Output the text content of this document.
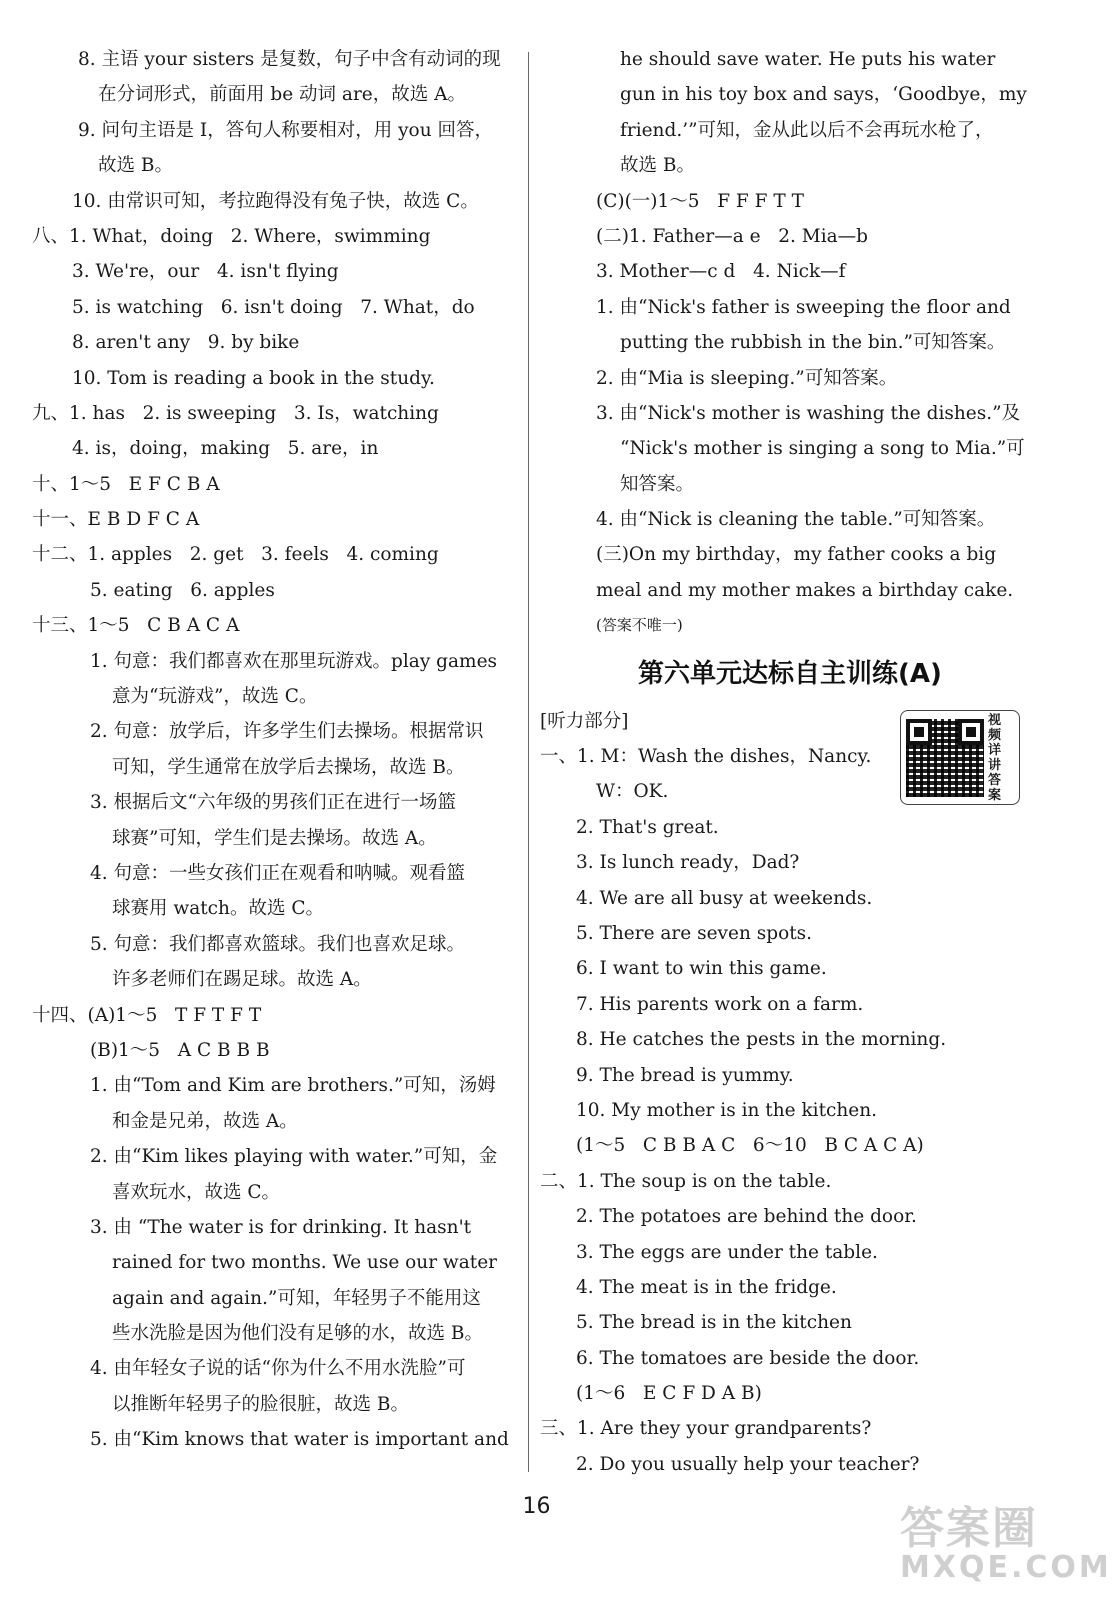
8. 主语 your sisters 是复数，句子中含有动词的现
在分词形式，前面用 be 动词 are，故选 A。
9. 问句主语是 I，答句人称要相对，用 you 回答，
故选 B。
10. 由常识可知，考拉跑得没有兔子快，故选 C。
八、1. What，doing   2. Where，swimming
3. We're，our   4. isn't flying
5. is watching   6. isn't doing   7. What，do
8. aren't any   9. by bike
10. Tom is reading a book in the study.
九、1. has   2. is sweeping   3. Is，watching
4. is，doing，making   5. are，in
十、1～5   E F C B A
十一、E B D F C A
十二、1. apples   2. get   3. feels   4. coming
5. eating   6. apples
十三、1～5   C B A C A
1. 句意：我们都喜欢在那里玩游戏。play games
意为“玩游戏”，故选 C。
2. 句意：放学后，许多学生们去操场。根据常识
可知，学生通常在放学后去操场，故选 B。
3. 根据后文“六年级的男孩们正在进行一场篮
球赛”可知，学生们是去操场。故选 A。
4. 句意：一些女孩们正在观看和呐喊。观看篮
球赛用 watch。故选 C。
5. 句意：我们都喜欢篮球。我们也喜欢足球。
许多老师们在踢足球。故选 A。
十四、(A)1～5   T F T F T
(B)1～5   A C B B B
1. 由“Tom and Kim are brothers.”可知，汤姆
和金是兄弟，故选 A。
2. 由“Kim likes playing with water.”可知，金
喜欢玩水，故选 C。
3. 由 “The water is for drinking. It hasn't
rained for two months. We use our water
again and again.”可知，年轻男子不能用这
些水洗脸是因为他们没有足够的水，故选 B。
4. 由年轻女子说的话“你为什么不用水洗脸”可
以推断年轻男子的脸很脏，故选 B。
5. 由“Kim knows that water is important and
he should save water. He puts his water
gun in his toy box and says，‘Goodbye，my
friend.’”可知，金从此以后不会再玩水枪了，
故选 B。
(C)(一)1～5   F F F T T
(二)1. Father—a e   2. Mia—b
3. Mother—c d   4. Nick—f
1. 由“Nick's father is sweeping the floor and
putting the rubbish in the bin.”可知答案。
2. 由“Mia is sleeping.”可知答案。
3. 由“Nick's mother is washing the dishes.”及
“Nick's mother is singing a song to Mia.”可
知答案。
4. 由“Nick is cleaning the table.”可知答案。
(三)On my birthday，my father cooks a big
meal and my mother makes a birthday cake.
(答案不唯一)
第六单元达标自主训练(A)
[听力部分]
一、1. M：Wash the dishes，Nancy.
W：OK.
2. That's great.
3. Is lunch ready，Dad?
4. We are all busy at weekends.
5. There are seven spots.
6. I want to win this game.
7. His parents work on a farm.
8. He catches the pests in the morning.
9. The bread is yummy.
10. My mother is in the kitchen.
(1～5   C B B A C   6～10   B C A C A)
二、1. The soup is on the table.
2. The potatoes are behind the door.
3. The eggs are under the table.
4. The meat is in the fridge.
5. The bread is in the kitchen
6. The tomatoes are beside the door.
(1～6   E C F D A B)
三、1. Are they your grandparents?
2. Do you usually help your teacher?
视频详讲答案
16	答案圈
MXQE.COM
